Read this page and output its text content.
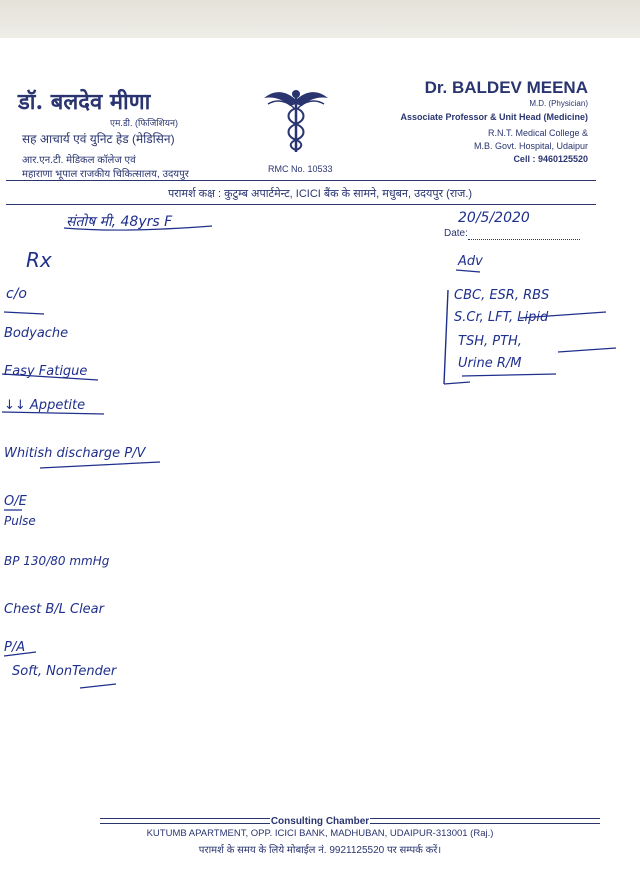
डॉ. बलदेव मीणा
एम.डी. (फिजिशियन)
सह आचार्य एवं युनिट हेड (मेडिसिन)
आर.एन.टी. मेडिकल कॉलेज एवं
महाराणा भूपाल राजकीय चिकित्सालय, उदयपुर	RMC No. 10533
Dr. BALDEV MEENA
M.D. (Physician)
Associate Professor & Unit Head (Medicine)
R.N.T. Medical College &
M.B. Govt. Hospital, Udaipur
Cell : 9460125520
परामर्श कक्ष : कुटुम्ब अपार्टमेन्ट, ICICI बैंक के सामने, मधुबन, उदयपुर (राज.)
Date:
20/5/2020
संतोष मी, 48yrs F
Rx
c/o
Bodyache
Easy Fatigue
↓↓ Appetite
Whitish discharge P/V
O/E
Pulse
BP 130/80 mmHg
Chest B/L Clear
P/A
Soft, NonTender
Adv
CBC, ESR, RBS
S.Cr, LFT, Lipid
TSH, PTH,
Urine R/M
Consulting Chamber
KUTUMB APARTMENT, OPP. ICICI BANK, MADHUBAN, UDAIPUR-313001 (Raj.)
परामर्श के समय के लिये मोबाईल नं. 9921125520 पर सम्पर्क करें।
